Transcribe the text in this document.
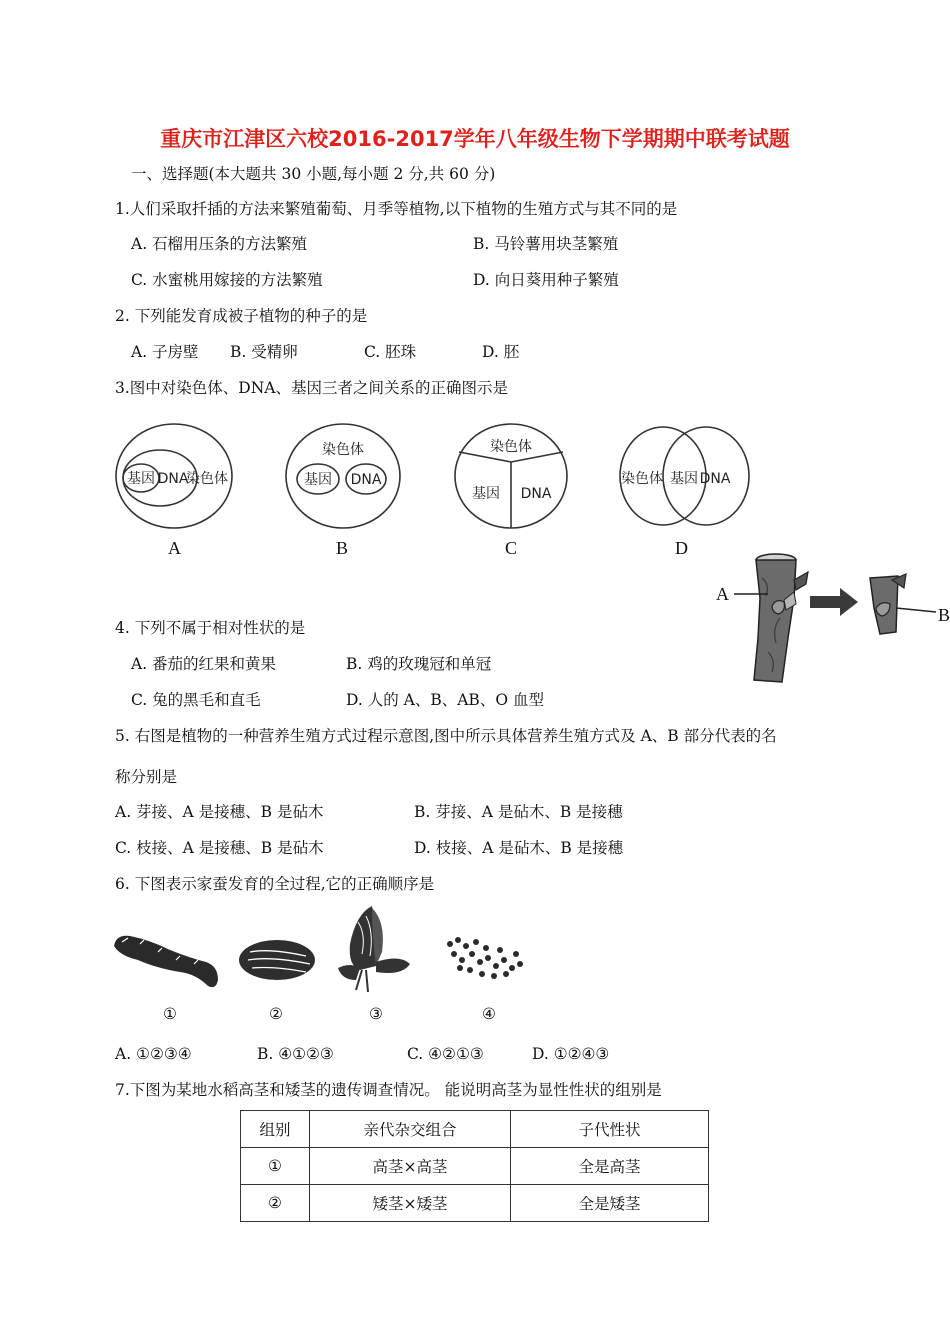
重庆市江津区六校2016-2017学年八年级生物下学期期中联考试题
一、选择题(本大题共 30 小题,每小题 2 分,共 60 分)
1.人们采取扦插的方法来繁殖葡萄、月季等植物,以下植物的生殖方式与其不同的是
A. 石榴用压条的方法繁殖	B. 马铃薯用块茎繁殖
C. 水蜜桃用嫁接的方法繁殖	D. 向日葵用种子繁殖
2. 下列能发育成被子植物的种子的是
A. 子房壁 B. 受精卵	C. 胚珠	D. 胚
3.图中对染色体、DNA、基因三者之间关系的正确图示是
基因 DNA
染色体
染色体
基因 DNA
染色体
基因 DNA
染色体 基因 DNA
A	B	C	D
A
B
4. 下列不属于相对性状的是
A. 番茄的红果和黄果	B. 鸡的玫瑰冠和单冠
C. 兔的黑毛和直毛	D. 人的 A、B、AB、O 血型
5. 右图是植物的一种营养生殖方式过程示意图,图中所示具体营养生殖方式及 A、B 部分代表的名
称分别是
A. 芽接、A 是接穗、B 是砧木	B. 芽接、A 是砧木、B 是接穗
C. 枝接、A 是接穗、B 是砧木	D. 枝接、A 是砧木、B 是接穗
6. 下图表示家蚕发育的全过程,它的正确顺序是
①	②	③	④
A. ①②③④	B. ④①②③	C. ④②①③	D. ①②④③
7.下图为某地水稻高茎和矮茎的遗传调查情况。 能说明高茎为显性性状的组别是
组别	亲代杂交组合	子代性状
①	高茎×高茎	全是高茎
②	矮茎×矮茎	全是矮茎
